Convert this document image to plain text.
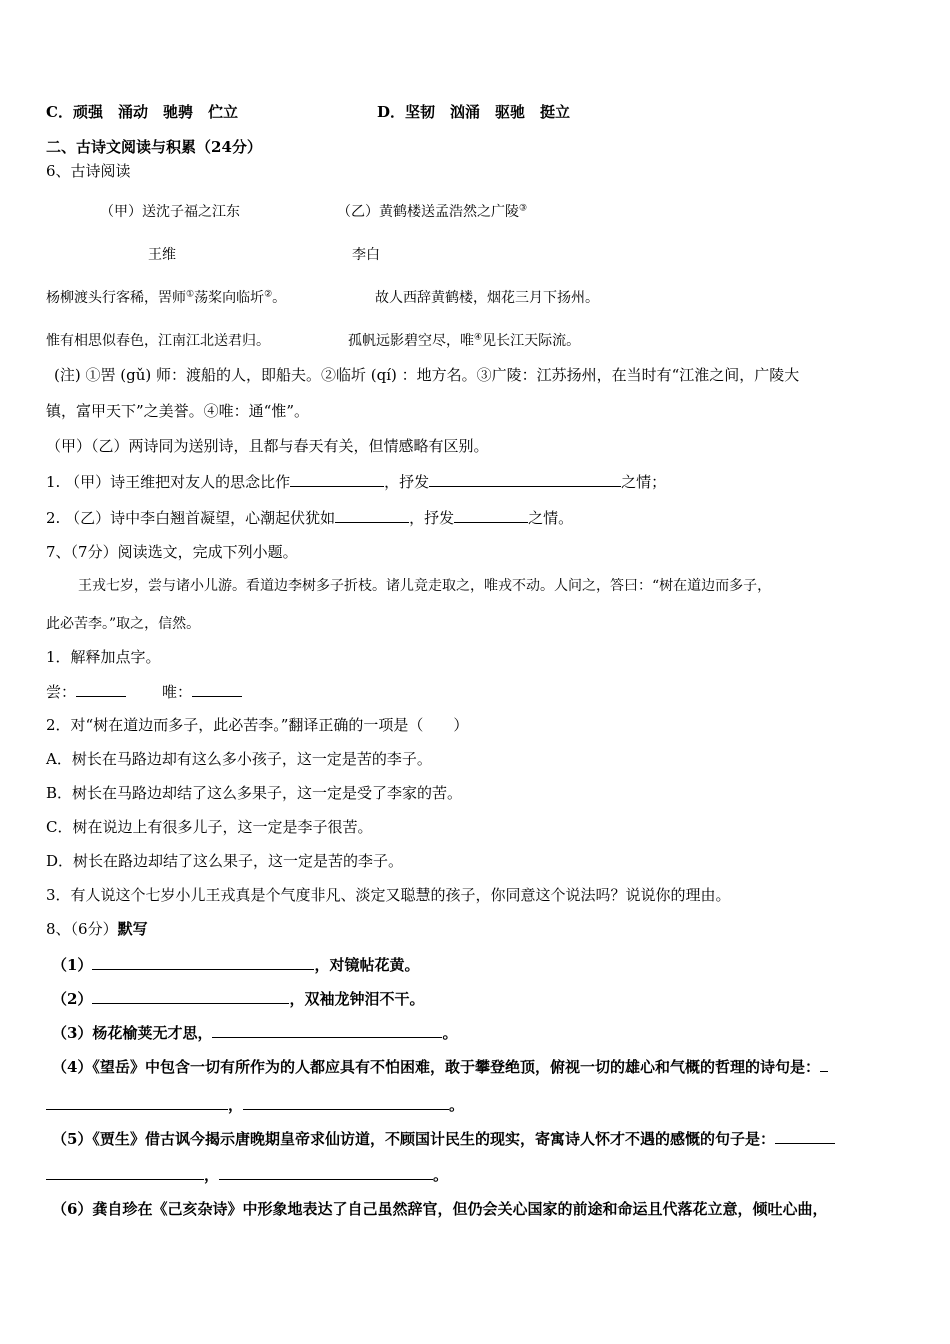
C．顽强　涌动　驰骋　伫立	D．坚韧　汹涌　驱驰　挺立
二、古诗文阅读与积累（24分）
6、古诗阅读
（甲）送沈子福之江东	（乙）黄鹤楼送孟浩然之广陵③
王维	李白
杨柳渡头行客稀，罟师①荡桨向临圻②。	故人西辞黄鹤楼，烟花三月下扬州。
惟有相思似春色，江南江北送君归。	孤帆远影碧空尽，唯④见长江天际流。
(注) ①罟 (gǔ) 师：渡船的人，即船夫。②临圻 (qí) ：地方名。③广陵：江苏扬州，在当时有“江淮之间，广陵大
镇，富甲天下”之美誉。④唯：通“惟”。
（甲）（乙）两诗同为送别诗，且都与春天有关，但情感略有区别。
1. （甲）诗王维把对友人的思念比作	，抒发	之情；
2. （乙）诗中李白翘首凝望，心潮起伏犹如	，抒发	之情。
7、（7分）阅读选文，完成下列小题。
王戎七岁，尝与诸小儿游。看道边李树多子折枝。诸儿竞走取之，唯戎不动。人问之，答曰：“树在道边而多子，
此必苦李。”取之，信然。
1．解释加点字。
尝：	唯：
2．对“树在道边而多子，此必苦李。”翻译正确的一项是（　　）
A．树长在马路边却有这么多小孩子，这一定是苦的李子。
B．树长在马路边却结了这么多果子，这一定是受了李家的苦。
C．树在说边上有很多儿子，这一定是李子很苦。
D．树长在路边却结了这么果子，这一定是苦的李子。
3．有人说这个七岁小儿王戎真是个气度非凡、淡定又聪慧的孩子，你同意这个说法吗？说说你的理由。
8、（6分）默写
（1）	，对镜帖花黄。
（2）	，双袖龙钟泪不干。
（3）杨花榆荚无才思，	。
（4）《望岳》中包含一切有所作为的人都应具有不怕困难，敢于攀登绝顶，俯视一切的雄心和气概的哲理的诗句是：
，	。
（5）《贾生》借古讽今揭示唐晚期皇帝求仙访道，不顾国计民生的现实，寄寓诗人怀才不遇的感慨的句子是：
，	。
（6）龚自珍在《己亥杂诗》中形象地表达了自己虽然辞官，但仍会关心国家的前途和命运且代落花立意，倾吐心曲，
